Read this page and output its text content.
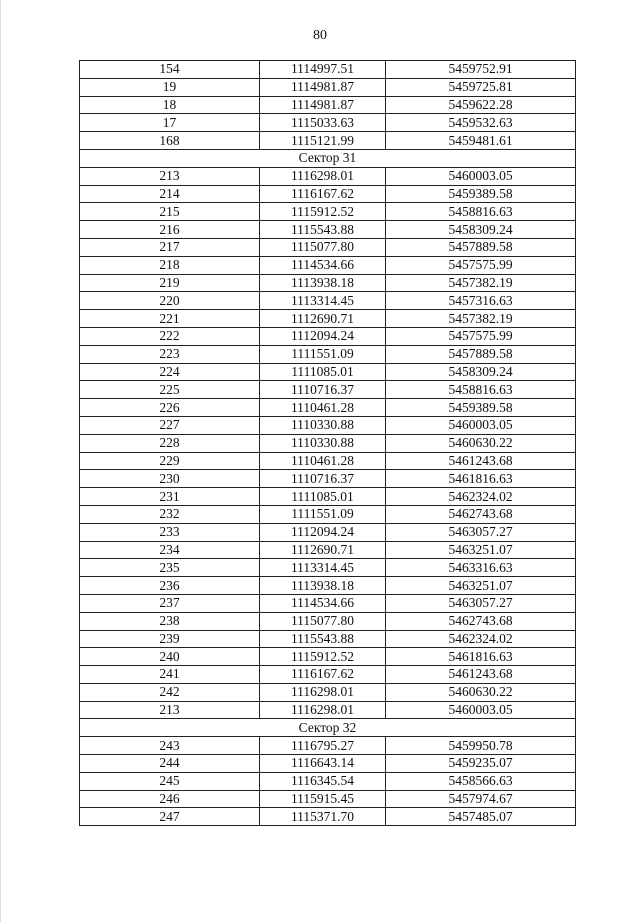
80
154	1114997.51	5459752.91
19	1114981.87	5459725.81
18	1114981.87	5459622.28
17	1115033.63	5459532.63
168	1115121.99	5459481.61
Сектор 31		
213	1116298.01	5460003.05
214	1116167.62	5459389.58
215	1115912.52	5458816.63
216	1115543.88	5458309.24
217	1115077.80	5457889.58
218	1114534.66	5457575.99
219	1113938.18	5457382.19
220	1113314.45	5457316.63
221	1112690.71	5457382.19
222	1112094.24	5457575.99
223	1111551.09	5457889.58
224	1111085.01	5458309.24
225	1110716.37	5458816.63
226	1110461.28	5459389.58
227	1110330.88	5460003.05
228	1110330.88	5460630.22
229	1110461.28	5461243.68
230	1110716.37	5461816.63
231	1111085.01	5462324.02
232	1111551.09	5462743.68
233	1112094.24	5463057.27
234	1112690.71	5463251.07
235	1113314.45	5463316.63
236	1113938.18	5463251.07
237	1114534.66	5463057.27
238	1115077.80	5462743.68
239	1115543.88	5462324.02
240	1115912.52	5461816.63
241	1116167.62	5461243.68
242	1116298.01	5460630.22
213	1116298.01	5460003.05
Сектор 32		
243	1116795.27	5459950.78
244	1116643.14	5459235.07
245	1116345.54	5458566.63
246	1115915.45	5457974.67
247	1115371.70	5457485.07
